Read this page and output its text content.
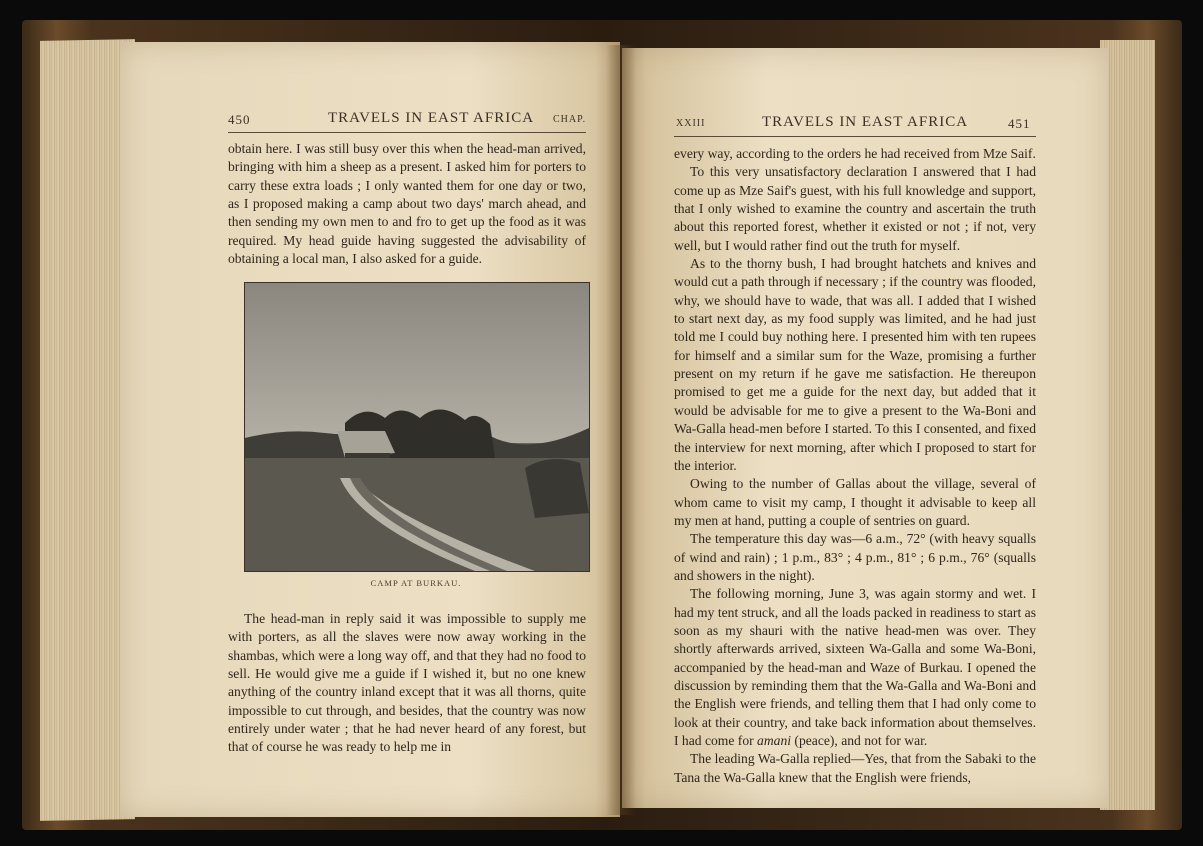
450	TRAVELS IN EAST AFRICA CHAP.

obtain here. I was still busy over this when the head-man arrived, bringing with him a sheep as a present. I asked him for porters to carry these extra loads ; I only wanted them for one day or two, as I proposed making a camp about two days' march ahead, and then sending my own men to and fro to get up the food as it was required. My head guide having suggested the advisability of obtaining a local man, I also asked for a guide.

CAMP AT BURKAU.

The head-man in reply said it was impossible to supply me with porters, as all the slaves were now away working in the shambas, which were a long way off, and that they had no food to sell. He would give me a guide if I wished it, but no one knew anything of the country inland except that it was all thorns, quite impossible to cut through, and besides, that the country was now entirely under water ; that he had never heard of any forest, but that of course he was ready to help me in

XXIII	TRAVELS IN EAST AFRICA	451

every way, according to the orders he had received from Mze Saif.

To this very unsatisfactory declaration I answered that I had come up as Mze Saif's guest, with his full knowledge and support, that I only wished to examine the country and ascertain the truth about this reported forest, whether it existed or not ; if not, very well, but I would rather find out the truth for myself.

As to the thorny bush, I had brought hatchets and knives and would cut a path through if necessary ; if the country was flooded, why, we should have to wade, that was all. I added that I wished to start next day, as my food supply was limited, and he had just told me I could buy nothing here. I presented him with ten rupees for himself and a similar sum for the Waze, promising a further present on my return if he gave me satisfaction. He thereupon promised to get me a guide for the next day, but added that it would be advisable for me to give a present to the Wa-Boni and Wa-Galla head-men before I started. To this I consented, and fixed the interview for next morning, after which I proposed to start for the interior.

Owing to the number of Gallas about the village, several of whom came to visit my camp, I thought it advisable to keep all my men at hand, putting a couple of sentries on guard.

The temperature this day was—6 a.m., 72° (with heavy squalls of wind and rain) ; 1 p.m., 83° ; 4 p.m., 81° ; 6 p.m., 76° (squalls and showers in the night).

The following morning, June 3, was again stormy and wet. I had my tent struck, and all the loads packed in readiness to start as soon as my shauri with the native head-men was over. They shortly afterwards arrived, sixteen Wa-Galla and some Wa-Boni, accompanied by the head-man and Waze of Burkau. I opened the discussion by reminding them that the Wa-Galla and Wa-Boni and the English were friends, and telling them that I had only come to look at their country, and take back information about themselves. I had come for amani (peace), and not for war.

The leading Wa-Galla replied—Yes, that from the Sabaki to the Tana the Wa-Galla knew that the English were friends,
